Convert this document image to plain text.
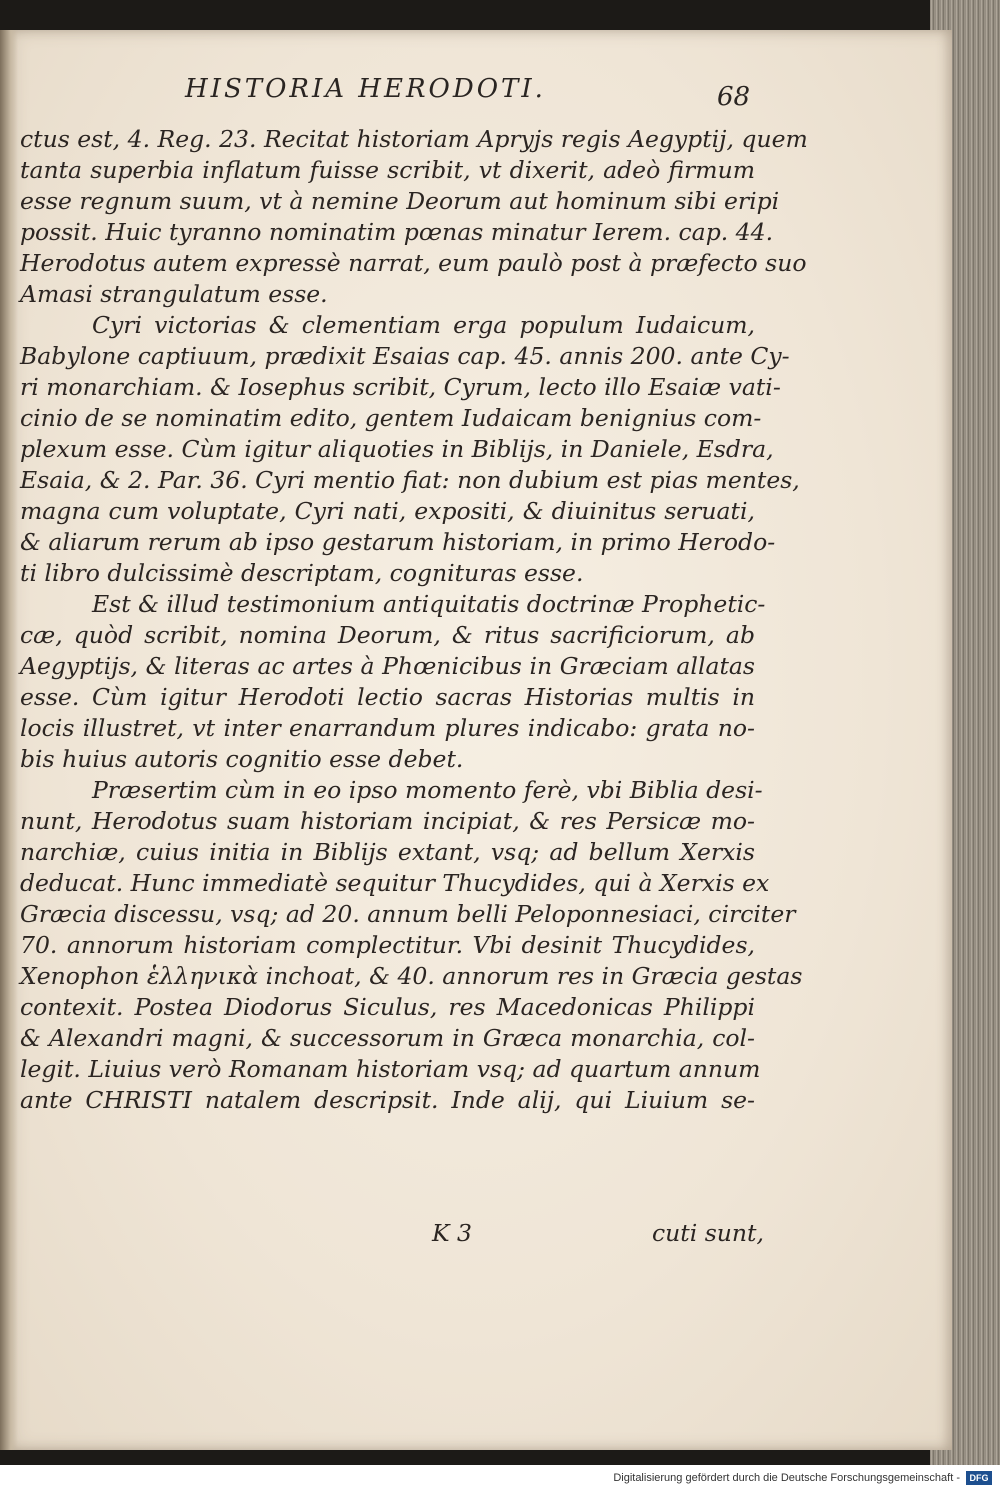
HISTORIA HERODOTI.	68
ctus est, 4. Reg. 23. Recitat historiam Apryjs regis Aegyptij, quem
tanta superbia inflatum fuisse scribit, vt dixerit, adeò firmum
esse regnum suum, vt à nemine Deorum aut hominum sibi eripi
possit. Huic tyranno nominatim pœnas minatur Ierem. cap. 44.
Herodotus autem expressè narrat, eum paulò post à præfecto suo
Amasi strangulatum esse.
Cyri victorias & clementiam erga populum Iudaicum,
Babylone captiuum, prædixit Esaias cap. 45. annis 200. ante Cy-
ri monarchiam. & Iosephus scribit, Cyrum, lecto illo Esaiæ vati-
cinio de se nominatim edito, gentem Iudaicam benignius com-
plexum esse. Cùm igitur aliquoties in Biblijs, in Daniele, Esdra,
Esaia, & 2. Par. 36. Cyri mentio fiat: non dubium est pias mentes,
magna cum voluptate, Cyri nati, expositi, & diuinitus seruati,
& aliarum rerum ab ipso gestarum historiam, in primo Herodo-
ti libro dulcissimè descriptam, cognituras esse.
Est & illud testimonium antiquitatis doctrinæ Prophetic-
cæ, quòd scribit, nomina Deorum, & ritus sacrificiorum, ab
Aegyptijs, & literas ac artes à Phœnicibus in Græciam allatas
esse. Cùm igitur Herodoti lectio sacras Historias multis in
locis illustret, vt inter enarrandum plures indicabo: grata no-
bis huius autoris cognitio esse debet.
Præsertim cùm in eo ipso momento ferè, vbi Biblia desi-
nunt, Herodotus suam historiam incipiat, & res Persicæ mo-
narchiæ, cuius initia in Biblijs extant, vsq; ad bellum Xerxis
deducat. Hunc immediatè sequitur Thucydides, qui à Xerxis ex
Græcia discessu, vsq; ad 20. annum belli Peloponnesiaci, circiter
70. annorum historiam complectitur. Vbi desinit Thucydides,
Xenophon ἑλληνικὰ inchoat, & 40. annorum res in Græcia gestas
contexit. Postea Diodorus Siculus, res Macedonicas Philippi
& Alexandri magni, & successorum in Græca monarchia, col-
legit. Liuius verò Romanam historiam vsq; ad quartum annum
ante CHRISTI natalem descripsit. Inde alij, qui Liuium se-
K 3	cuti sunt,
Digitalisierung gefördert durch die Deutsche Forschungsgemeinschaft -	DFG
